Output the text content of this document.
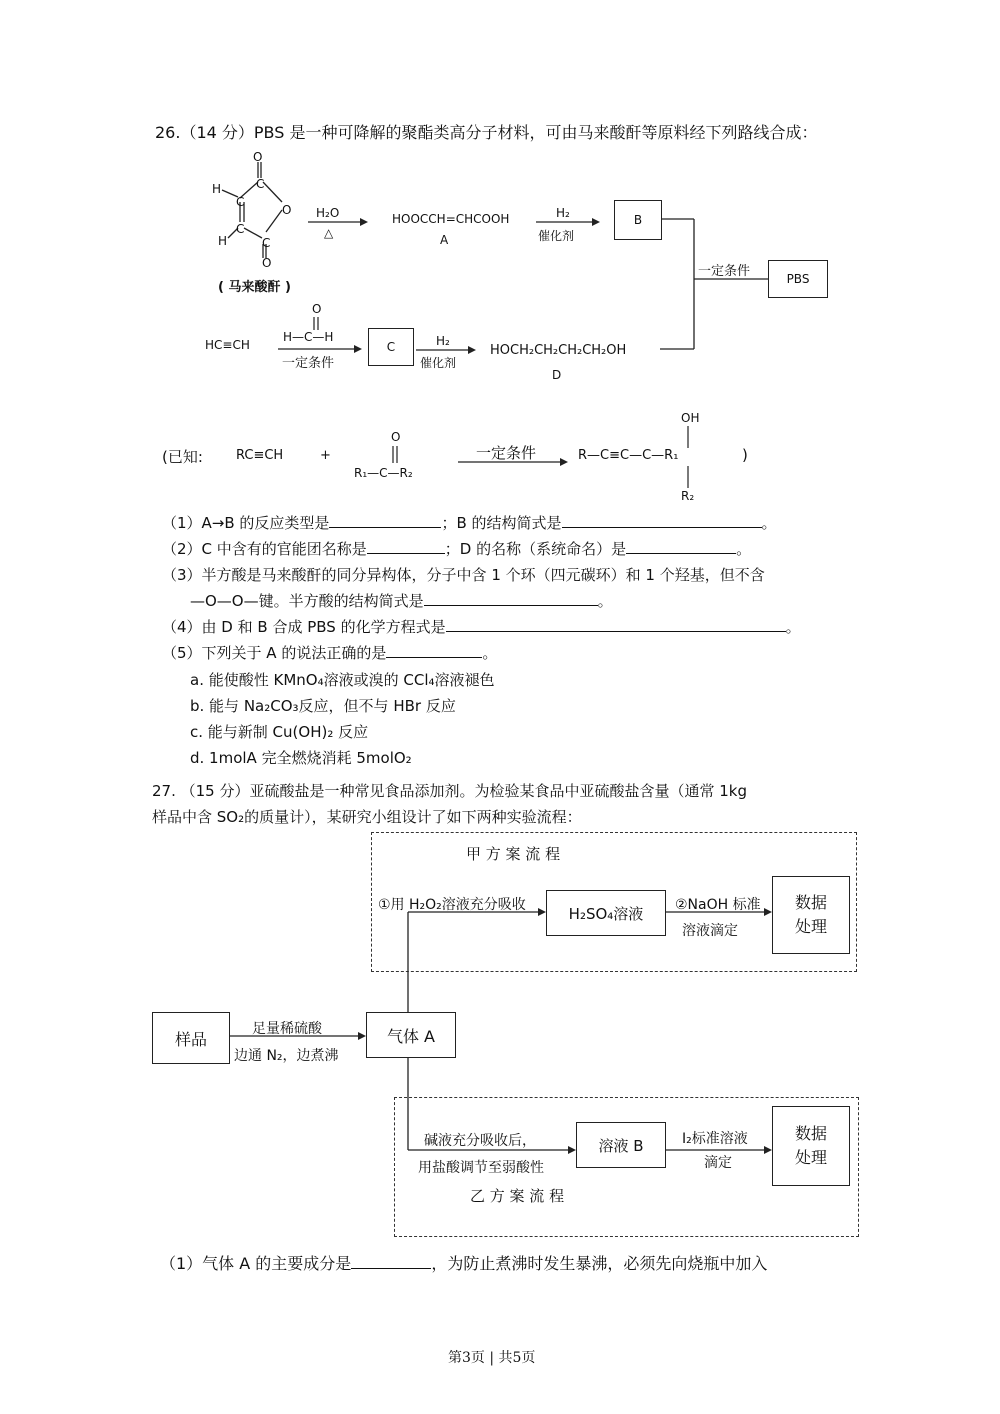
26.（14 分）PBS 是一种可降解的聚酯类高分子材料，可由马来酸酐等原料经下列路线合成：
O
C
H
C
O
C
H	C
O
( 马来酸酐 )
H₂O
△
HOOCCH=CHCOOH
A
H₂
催化剂
B
一定条件	PBS
HC≡CH
O
H—C—H
一定条件
C	H₂
催化剂
HOCH₂CH₂CH₂CH₂OH
D
(已知:	RC≡CH	+
O
R₁—C—R₂
一定条件
OH
R—C≡C—C—R₁
R₂
)
（1）A→B 的反应类型是	；B 的结构简式是	。
（2）C 中含有的官能团名称是	；D 的名称（系统命名）是	。
（3）半方酸是马来酸酐的同分异构体，分子中含 1 个环（四元碳环）和 1 个羟基，但不含
—O—O—键。半方酸的结构简式是	。
（4）由 D 和 B 合成 PBS 的化学方程式是	。
（5）下列关于 A 的说法正确的是	。
a. 能使酸性 KMnO₄溶液或溴的 CCl₄溶液褪色
b. 能与 Na₂CO₃反应，但不与 HBr 反应
c. 能与新制 Cu(OH)₂ 反应
d. 1molA 完全燃烧消耗 5molO₂
27. （15 分）亚硫酸盐是一种常见食品添加剂。为检验某食品中亚硫酸盐含量（通常 1kg
样品中含 SO₂的质量计），某研究小组设计了如下两种实验流程：
甲 方 案 流 程
乙 方 案 流 程
①用 H₂O₂溶液充分吸收	H₂SO₄溶液 ②NaOH 标准
溶液滴定
数据
处理
样品
足量稀硫酸
边通 N₂，边煮沸
气体 A
碱液充分吸收后，
用盐酸调节至弱酸性
溶液 B	I₂标准溶液
滴定
数据
处理
（1）气体 A 的主要成分是	，为防止煮沸时发生暴沸，必须先向烧瓶中加入
第3页 | 共5页
